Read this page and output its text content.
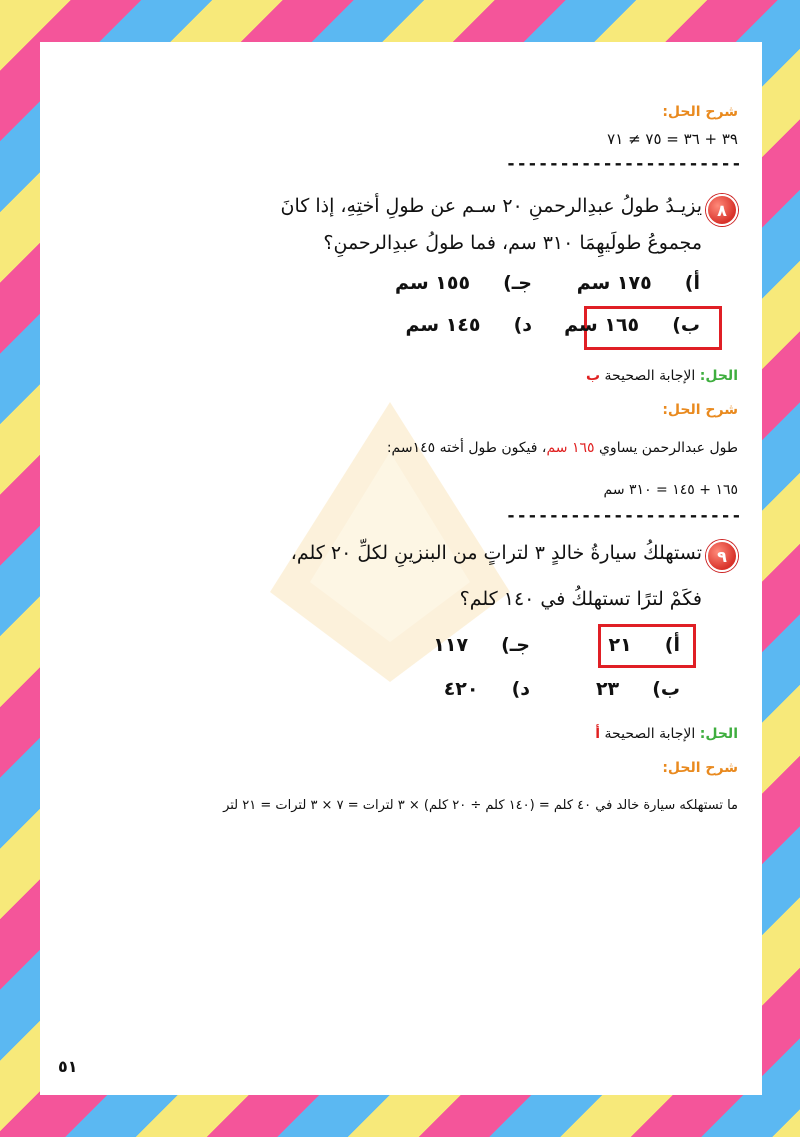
شرح الحل:
٣٩ + ٣٦ = ٧٥ ≠ ٧١
----------------------
٨
يزيـدُ طولُ عبدِالرحمنِ ٢٠ سـم عن طولِ أختِهِ، إذا كانَ
مجموعُ طولَيهِمَا ٣١٠ سم، فما طولُ عبدِالرحمنِ؟
أ)     ١٧٥ سم
جـ)     ١٥٥ سم
ب)     ١٦٥ سم
د)     ١٤٥ سم
الحل: الإجابة الصحيحة ب
شرح الحل:
طول عبدالرحمن يساوي ١٦٥ سم، فيكون طول أخته ١٤٥سم:
١٦٥ + ١٤٥ = ٣١٠ سم
----------------------
٩
تستهلكُ سيارةُ خالدٍ ٣ لتراتٍ من البنزينِ لكلِّ ٢٠ كلم،
فكَمْ لترًا تستهلكُ في ١٤٠ كلم؟
أ)     ٢١
جـ)     ١١٧
ب)     ٢٣
د)     ٤٢٠
الحل: الإجابة الصحيحة أ
شرح الحل:
ما تستهلكه سيارة خالد في ٤٠ كلم = (١٤٠ كلم ÷ ٢٠ كلم) × ٣ لترات = ٧ × ٣ لترات = ٢١ لتر
٥١
